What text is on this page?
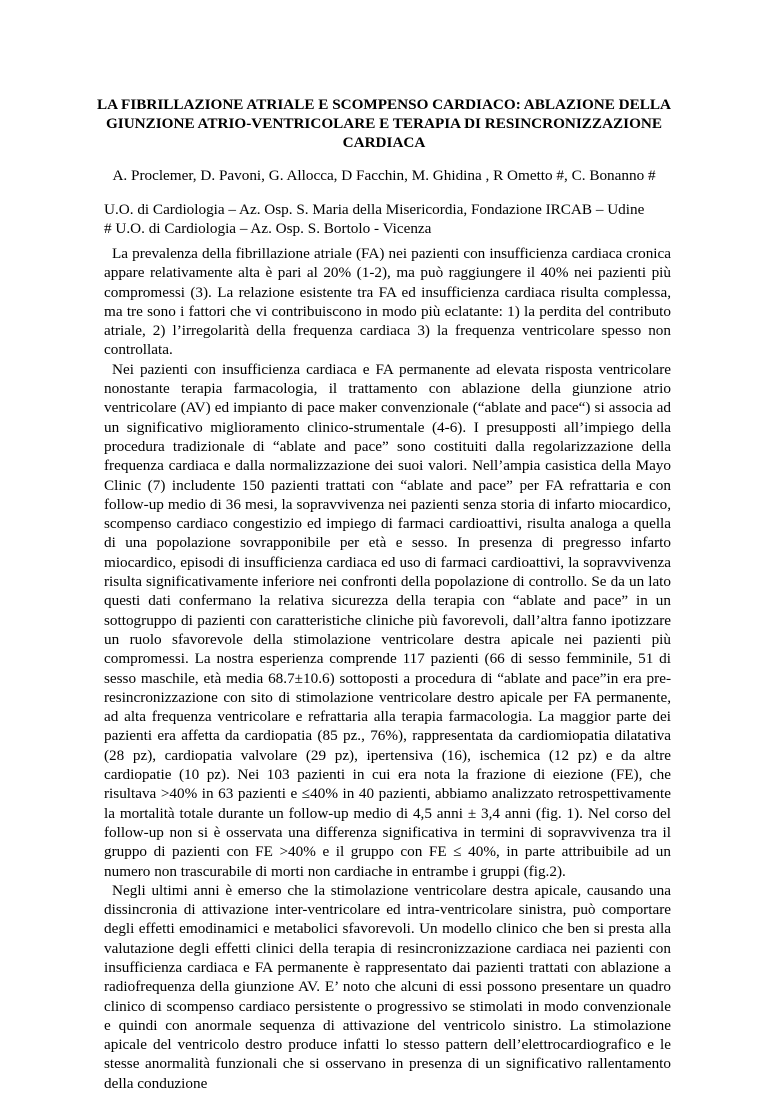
LA FIBRILLAZIONE ATRIALE E SCOMPENSO CARDIACO: ABLAZIONE DELLA GIUNZIONE ATRIO-VENTRICOLARE E TERAPIA DI RESINCRONIZZAZIONE CARDIACA

A. Proclemer, D. Pavoni, G. Allocca, D Facchin, M. Ghidina , R Ometto #, C. Bonanno #

U.O. di Cardiologia – Az. Osp. S. Maria della Misericordia, Fondazione IRCAB – Udine
# U.O. di Cardiologia – Az. Osp. S. Bortolo - Vicenza

La prevalenza della fibrillazione atriale (FA) nei pazienti con insufficienza cardiaca cronica appare relativamente alta è pari al 20% (1-2), ma può raggiungere il 40% nei pazienti più compromessi (3). La relazione esistente tra FA ed insufficienza cardiaca risulta complessa, ma tre sono i fattori che vi contribuiscono in modo più eclatante: 1) la perdita del contributo atriale, 2) l’irregolarità della frequenza cardiaca 3) la frequenza ventricolare spesso non controllata.

Nei pazienti con insufficienza cardiaca e FA permanente ad elevata risposta ventricolare nonostante terapia farmacologia, il trattamento con ablazione della giunzione atrio ventricolare (AV) ed impianto di pace maker convenzionale (“ablate and pace“) si associa ad un significativo miglioramento clinico-strumentale (4-6). I presupposti all’impiego della procedura tradizionale di “ablate and pace” sono costituiti dalla regolarizzazione della frequenza cardiaca e dalla normalizzazione dei suoi valori. Nell’ampia casistica della Mayo Clinic (7) includente 150 pazienti trattati con “ablate and pace” per FA refrattaria e con follow-up medio di 36 mesi, la sopravvivenza nei pazienti senza storia di infarto miocardico, scompenso cardiaco congestizio ed impiego di farmaci cardioattivi, risulta analoga a quella di una popolazione sovrapponibile per età e sesso. In presenza di pregresso infarto miocardico, episodi di insufficienza cardiaca ed uso di farmaci cardioattivi, la sopravvivenza risulta significativamente inferiore nei confronti della popolazione di controllo. Se da un lato questi dati confermano la relativa sicurezza della terapia con “ablate and pace” in un sottogruppo di pazienti con caratteristiche cliniche più favorevoli, dall’altra fanno ipotizzare un ruolo sfavorevole della stimolazione ventricolare destra apicale nei pazienti più compromessi. La nostra esperienza comprende 117 pazienti (66 di sesso femminile, 51 di sesso maschile, età media 68.7±10.6) sottoposti a procedura di “ablate and pace”in era pre-resincronizzazione con sito di stimolazione ventricolare destro apicale per FA permanente, ad alta frequenza ventricolare e refrattaria alla terapia farmacologia. La maggior parte dei pazienti era affetta da cardiopatia (85 pz., 76%), rappresentata da cardiomiopatia dilatativa (28 pz), cardiopatia valvolare (29 pz), ipertensiva (16), ischemica (12 pz) e da altre cardiopatie (10 pz). Nei 103 pazienti in cui era nota la frazione di eiezione (FE), che risultava >40% in 63 pazienti e ≤40% in 40 pazienti, abbiamo analizzato retrospettivamente la mortalità totale durante un follow-up medio di 4,5 anni ± 3,4 anni (fig. 1). Nel corso del follow-up non si è osservata una differenza significativa in termini di sopravvivenza tra il gruppo di pazienti con FE >40% e il gruppo con FE ≤ 40%, in parte attribuibile ad un numero non trascurabile di morti non cardiache in entrambe i gruppi (fig.2).

Negli ultimi anni è emerso che la stimolazione ventricolare destra apicale, causando una dissincronia di attivazione inter-ventricolare ed intra-ventricolare sinistra, può comportare degli effetti emodinamici e metabolici sfavorevoli. Un modello clinico che ben si presta alla valutazione degli effetti clinici della terapia di resincronizzazione cardiaca nei pazienti con insufficienza cardiaca e FA permanente è rappresentato dai pazienti trattati con ablazione a radiofrequenza della giunzione AV. E’ noto che alcuni di essi possono presentare un quadro clinico di scompenso cardiaco persistente o progressivo se stimolati in modo convenzionale e quindi con anormale sequenza di attivazione del ventricolo sinistro. La stimolazione apicale del ventricolo destro produce infatti lo stesso pattern dell’elettrocardiografico e le stesse anormalità funzionali che si osservano in presenza di un significativo rallentamento della conduzione
